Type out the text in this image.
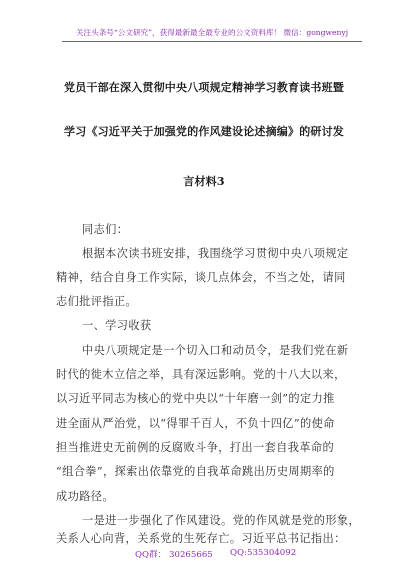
关注头条号“公文研究”，获得最新最全最专业的公文资料库！ 微信：gongwenyj
党员干部在深入贯彻中央八项规定精神学习教育读书班暨
学习《习近平关于加强党的作风建设论述摘编》的研讨发
言材料3
同志们：
根据本次读书班安排，我围绕学习贯彻中央八项规定
精神，结合自身工作实际，谈几点体会，不当之处，请同
志们批评指正。
一、学习收获
中央八项规定是一个切入口和动员令，是我们党在新
时代的徙木立信之举，具有深远影响。党的十八大以来，
以习近平同志为核心的党中央以“十年磨一剑”的定力推
进全面从严治党，以“得罪千百人，不负十四亿”的使命
担当推进史无前例的反腐败斗争，打出一套自我革命的
“组合拳”，探索出依靠党的自我革命跳出历史周期率的
成功路径。
一是进一步强化了作风建设。党的作风就是党的形象，
关系人心向背，关系党的生死存亡。习近平总书记指出：
QQ群： 30265665 QQ:535304092
